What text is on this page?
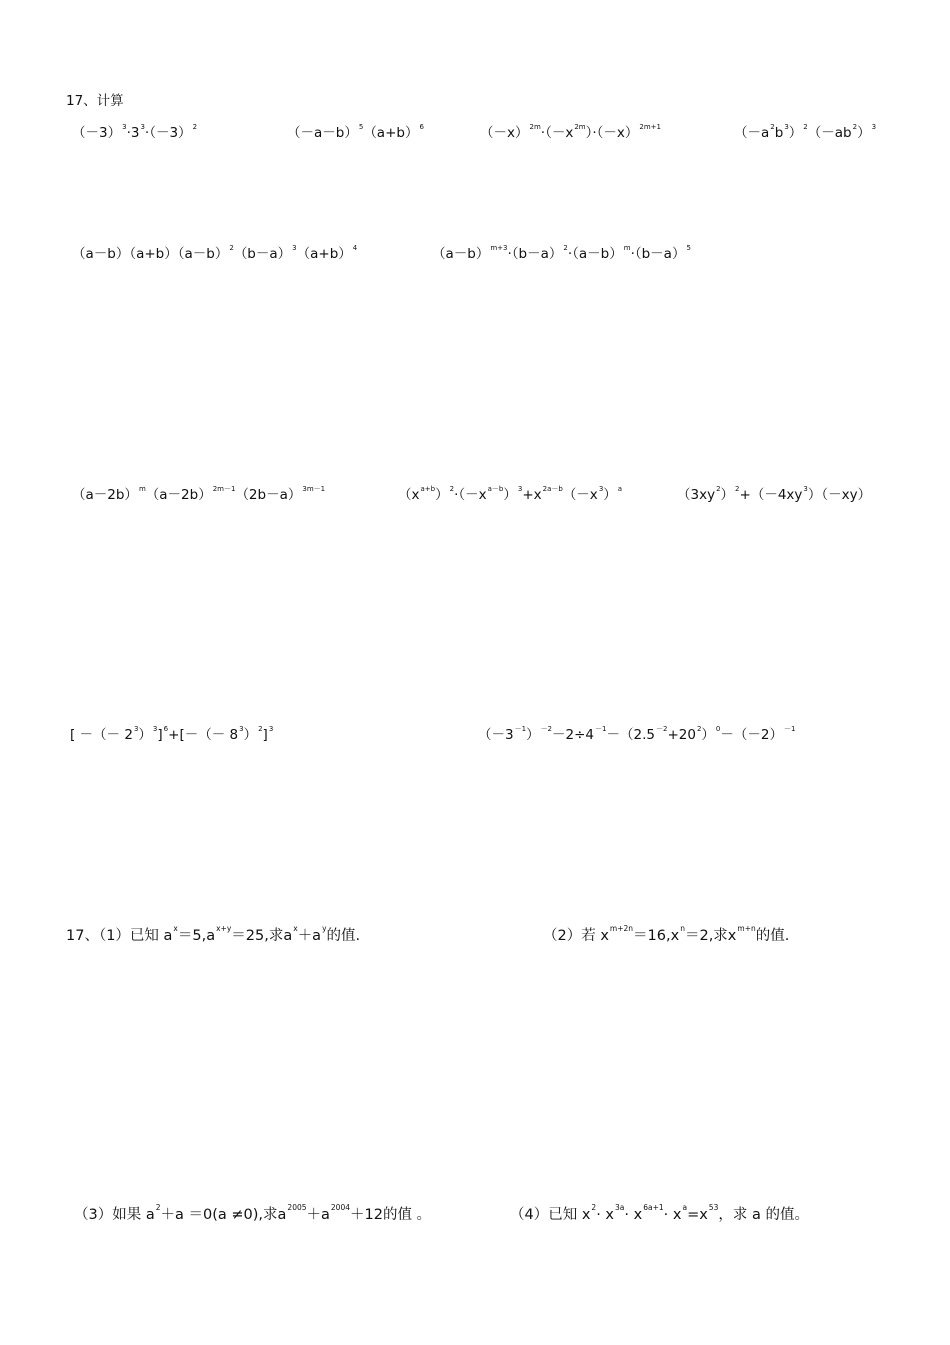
17、计算
（－3）3·33·（－3）2	（－a－b）5（a+b）6	（－x）2m·（－x2m）·（－x）2m+1	（－a2b3）2（－ab2）3
（a－b）（a+b）（a－b）2（b－a）3（a+b）4	（a－b）m+3·（b－a）2·（a－b）m·（b－a）5
（a－2b）m（a－2b）2m－1（2b－a）3m－1	（xa+b）2·（－xa－b）3+x2a－b（－x3）a	（3xy2）2+（－4xy3）（－xy）
[ －（－ 23）3]6+[－（－ 83）2]3	（－3－1）－2－2÷4－1－（2.5－2+202）0－（－2）－1
17、（1）已知 ax＝5,ax+y＝25,求ax＋ay的值.	（2）若 xm+2n＝16,xn＝2,求xm+n的值.
（3）如果 a2＋a ＝0(a ≠0),求a2005＋a2004＋12的值 。	（4）已知 x2· x3a· x6a+1· xa=x53，求 a 的值。
